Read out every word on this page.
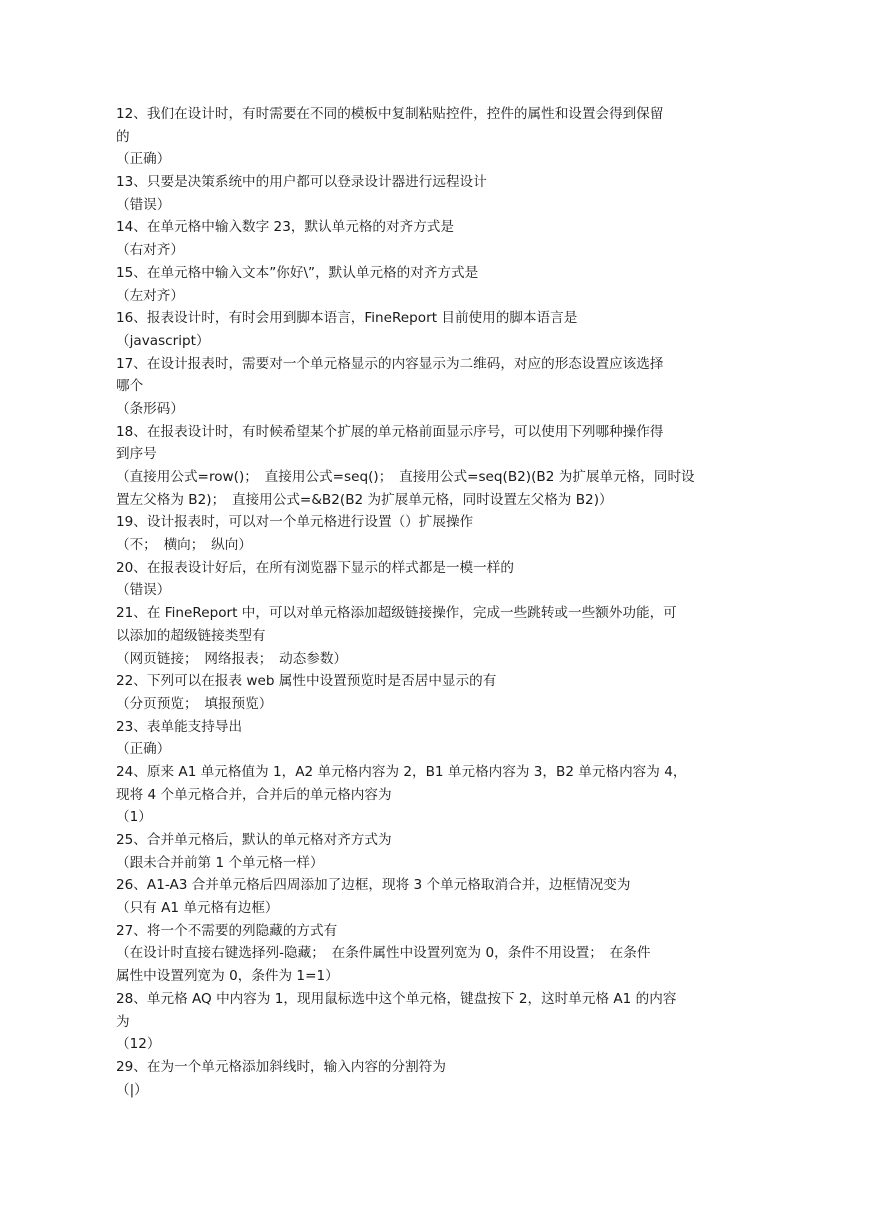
12、我们在设计时，有时需要在不同的模板中复制粘贴控件，控件的属性和设置会得到保留
的
（正确）
13、只要是决策系统中的用户都可以登录设计器进行远程设计
（错误）
14、在单元格中输入数字 23，默认单元格的对齐方式是
（右对齐）
15、在单元格中输入文本”你好\”，默认单元格的对齐方式是
（左对齐）
16、报表设计时，有时会用到脚本语言，FineReport 目前使用的脚本语言是
（javascript）
17、在设计报表时，需要对一个单元格显示的内容显示为二维码，对应的形态设置应该选择
哪个
（条形码）
18、在报表设计时，有时候希望某个扩展的单元格前面显示序号，可以使用下列哪种操作得
到序号
（直接用公式=row()；　直接用公式=seq()；　直接用公式=seq(B2)(B2 为扩展单元格，同时设
置左父格为 B2)；　直接用公式=&B2(B2 为扩展单元格，同时设置左父格为 B2)）
19、设计报表时，可以对一个单元格进行设置（）扩展操作
（不；　横向；　纵向）
20、在报表设计好后，在所有浏览器下显示的样式都是一模一样的
（错误）
21、在 FineReport 中，可以对单元格添加超级链接操作，完成一些跳转或一些额外功能，可
以添加的超级链接类型有
（网页链接；　网络报表；　动态参数）
22、下列可以在报表 web 属性中设置预览时是否居中显示的有
（分页预览；　填报预览）
23、表单能支持导出
（正确）
24、原来 A1 单元格值为 1，A2 单元格内容为 2，B1 单元格内容为 3，B2 单元格内容为 4，
现将 4 个单元格合并，合并后的单元格内容为
（1）
25、合并单元格后，默认的单元格对齐方式为
（跟未合并前第 1 个单元格一样）
26、A1-A3 合并单元格后四周添加了边框，现将 3 个单元格取消合并，边框情况变为
（只有 A1 单元格有边框）
27、将一个不需要的列隐藏的方式有
（在设计时直接右键选择列-隐藏；　在条件属性中设置列宽为 0，条件不用设置；　在条件
属性中设置列宽为 0，条件为 1=1）
28、单元格 AQ 中内容为 1，现用鼠标选中这个单元格，键盘按下 2，这时单元格 A1 的内容
为
（12）
29、在为一个单元格添加斜线时，输入内容的分割符为
（|）
